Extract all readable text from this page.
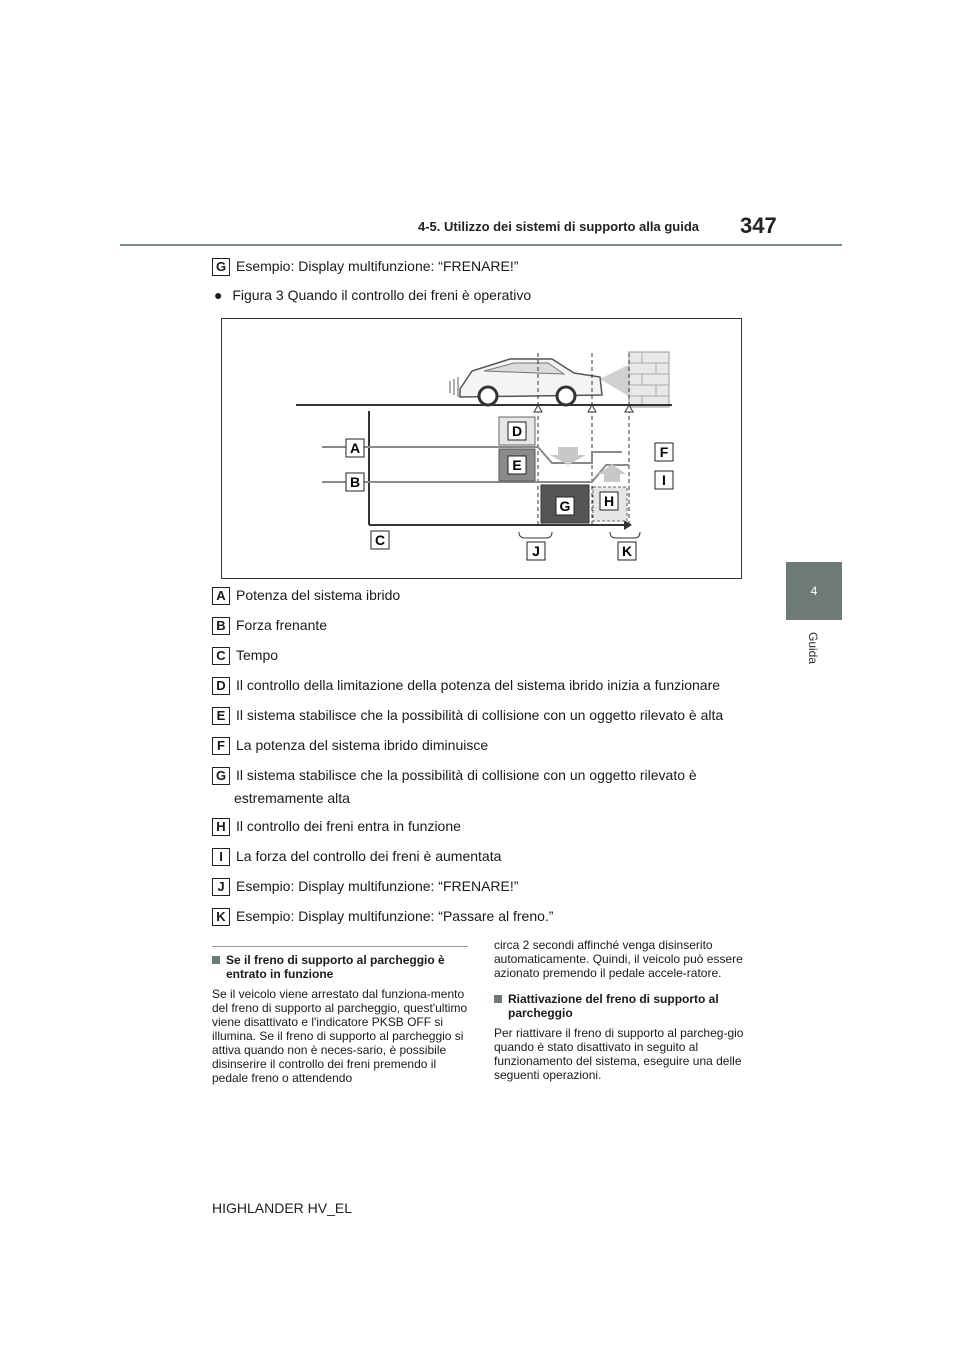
4-5. Utilizzo dei sistemi di supporto alla guida 347
4
Guida
G Esempio: Display multifunzione: “FRENARE!”
● Figura 3 Quando il controllo dei freni è operativo
A
B
C
D
E
F
G H
I
J	K
A Potenza del sistema ibrido
B Forza frenante
C Tempo
D Il controllo della limitazione della potenza del sistema ibrido inizia a funzionare
E Il sistema stabilisce che la possibilità di collisione con un oggetto rilevato è alta
F La potenza del sistema ibrido diminuisce
G Il sistema stabilisce che la possibilità di collisione con un oggetto rilevato è
estremamente alta
H Il controllo dei freni entra in funzione
I La forza del controllo dei freni è aumentata
J Esempio: Display multifunzione: “FRENARE!”
K Esempio: Display multifunzione: “Passare al freno.”
Se il freno di supporto al parcheggio è entrato in funzione

Se il veicolo viene arrestato dal funziona-mento del freno di supporto al parcheggio, quest'ultimo viene disattivato e l'indicatore PKSB OFF si illumina. Se il freno di supporto al parcheggio si attiva quando non è neces-sario, è possibile disinserire il controllo dei freni premendo il pedale freno o attendendo

circa 2 secondi affinché venga disinserito automaticamente. Quindi, il veicolo può essere azionato premendo il pedale accele-ratore.

Riattivazione del freno di supporto al parcheggio

Per riattivare il freno di supporto al parcheg-gio quando è stato disattivato in seguito al funzionamento del sistema, eseguire una delle seguenti operazioni.

HIGHLANDER HV_EL
